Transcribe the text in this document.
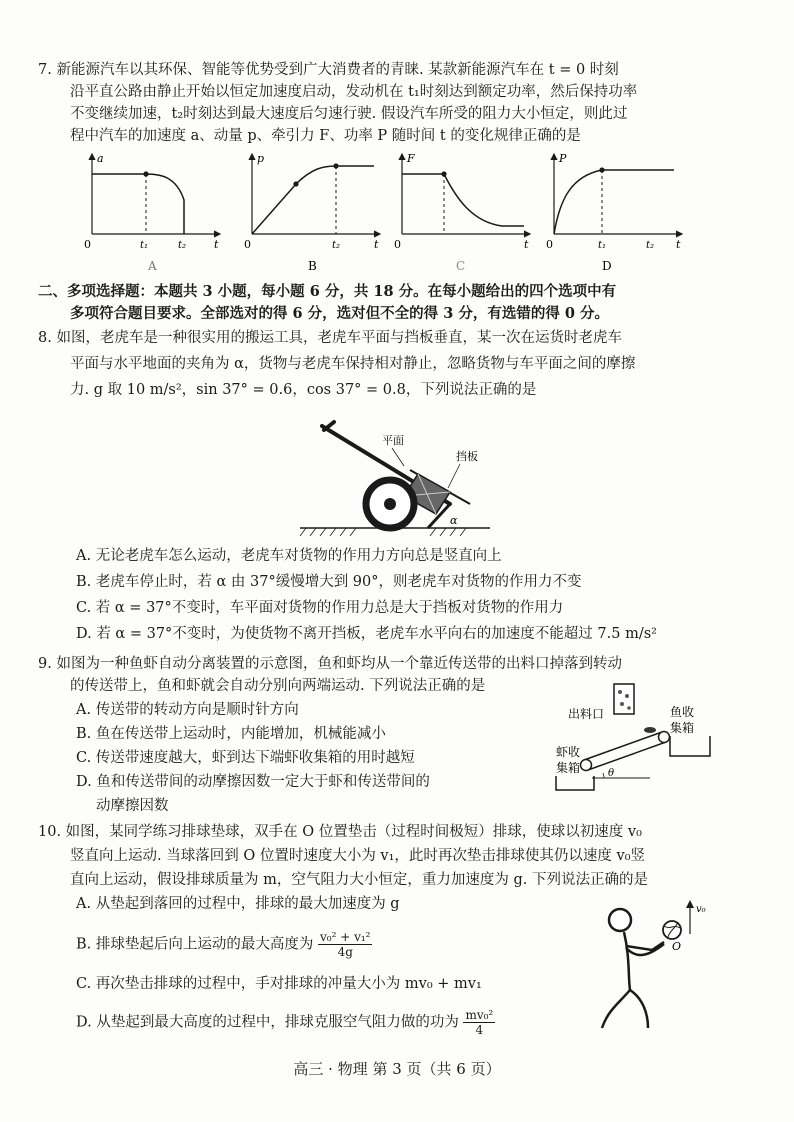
7. 新能源汽车以其环保、智能等优势受到广大消费者的青睐. 某款新能源汽车在 t = 0 时刻
沿平直公路由静止开始以恒定加速度启动，发动机在 t₁时刻达到额定功率，然后保持功率
不变继续加速，t₂时刻达到最大速度后匀速行驶. 假设汽车所受的阻力大小恒定，则此过
程中汽车的加速度 a、动量 p、牵引力 F、功率 P 随时间 t 的变化规律正确的是
a
0	t₁	t₂	t
A
p
0	t₂	t
B
F
0	t
C
P
0	t₁	t₂ t
D
二、多项选择题：本题共 3 小题，每小题 6 分，共 18 分。在每小题给出的四个选项中有
多项符合题目要求。全部选对的得 6 分，选对但不全的得 3 分，有选错的得 0 分。
8. 如图，老虎车是一种很实用的搬运工具，老虎车平面与挡板垂直，某一次在运货时老虎车
平面与水平地面的夹角为 α，货物与老虎车保持相对静止，忽略货物与车平面之间的摩擦
力. g 取 10 m/s²，sin 37° = 0.6，cos 37° = 0.8，下列说法正确的是
α
平面
挡板
A. 无论老虎车怎么运动，老虎车对货物的作用力方向总是竖直向上
B. 老虎车停止时，若 α 由 37°缓慢增大到 90°，则老虎车对货物的作用力不变
C. 若 α = 37°不变时，车平面对货物的作用力总是大于挡板对货物的作用力
D. 若 α = 37°不变时，为使货物不离开挡板，老虎车水平向右的加速度不能超过 7.5 m/s²
9. 如图为一种鱼虾自动分离装置的示意图，鱼和虾均从一个靠近传送带的出料口掉落到转动
的传送带上，鱼和虾就会自动分别向两端运动. 下列说法正确的是
A. 传送带的转动方向是顺时针方向
B. 鱼在传送带上运动时，内能增加，机械能减小
C. 传送带速度越大，虾到达下端虾收集箱的用时越短
D. 鱼和传送带间的动摩擦因数一定大于虾和传送带间的
动摩擦因数
出料口	鱼收
集箱
虾收
集箱	θ
10. 如图，某同学练习排球垫球，双手在 O 位置垫击（过程时间极短）排球，使球以初速度 v₀
竖直向上运动. 当球落回到 O 位置时速度大小为 v₁，此时再次垫击排球使其仍以速度 v₀竖
直向上运动，假设排球质量为 m，空气阻力大小恒定，重力加速度为 g. 下列说法正确的是
A. 从垫起到落回的过程中，排球的最大加速度为 g
B. 排球垫起后向上运动的最大高度为 $\frac{\text{v₀² + v₁²}}{4g}$
C. 再次垫击排球的过程中，手对排球的冲量大小为 mv₀ + mv₁
D. 从垫起到最大高度的过程中，排球克服空气阻力做的功为 $\frac{\text{mv₀²}}{4}$
O
v₀
高三 · 物理 第 3 页（共 6 页）
